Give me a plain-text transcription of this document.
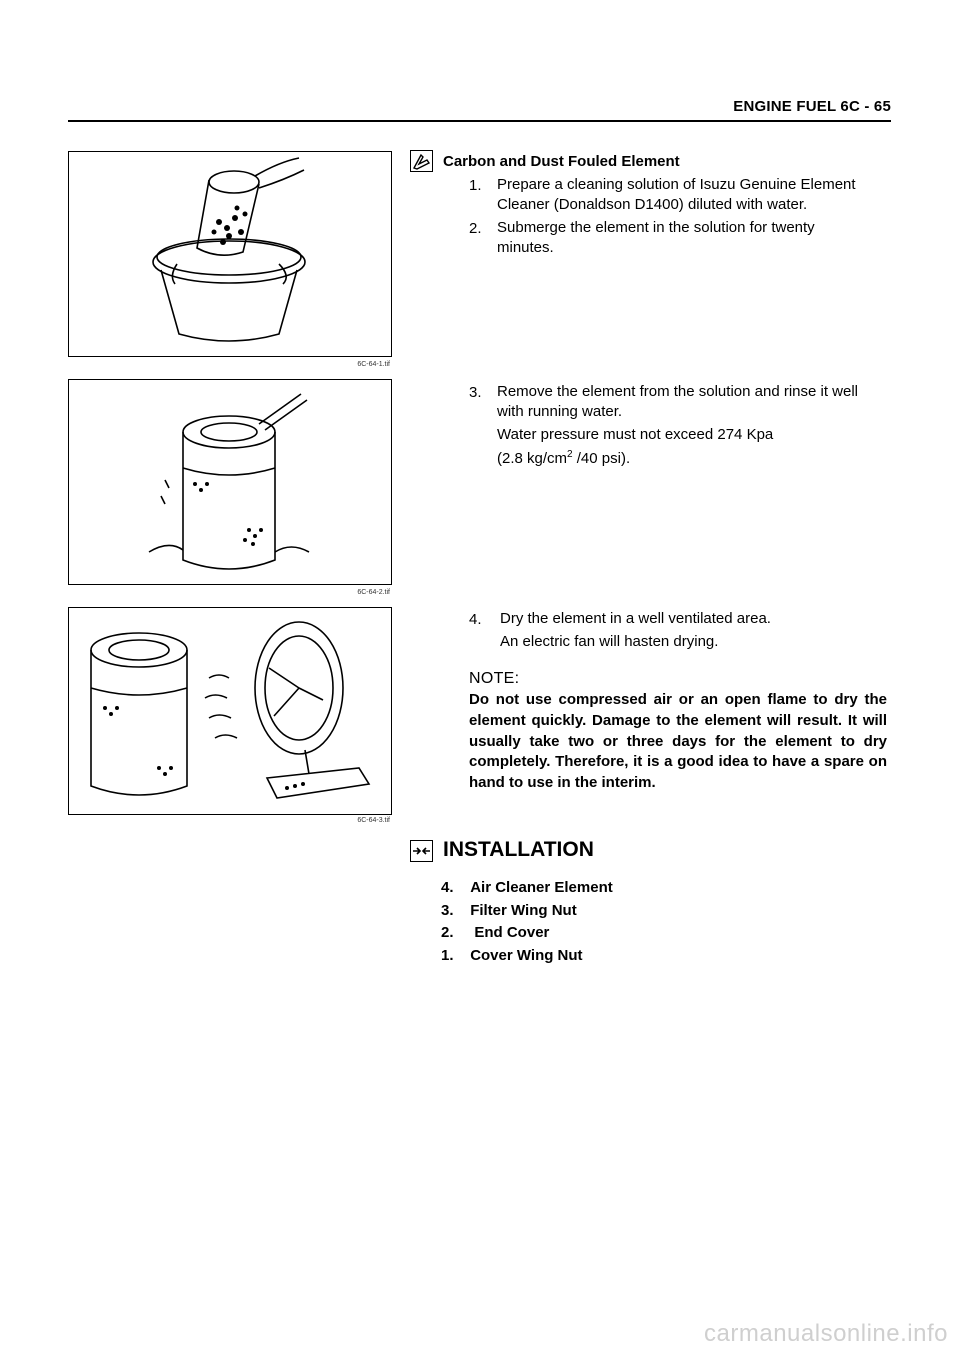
ENGINE FUEL 6C - 65
6C-64-1.tif
6C-64-2.tif
6C-64-3.tif
Carbon and Dust Fouled Element
1. Prepare a cleaning solution of Isuzu Genuine Element
Cleaner (Donaldson D1400) diluted with water.
2. Submerge the element in the solution for twenty
minutes.
3. Remove the element from the solution and rinse it well
with running water.
Water pressure must not exceed 274 Kpa
(2.8 $kg/cm^2$ /40 psi).
4. Dry the element in a well ventilated area.
An electric fan will hasten drying.
NOTE:
Do not use compressed air or an open flame to dry the element quickly. Damage to the element will result. It will usually take two or three days for the element to dry completely. Therefore, it is a good idea to have a spare on hand to use in the interim.
INSTALLATION
4. Air Cleaner Element
3. Filter Wing Nut
2.     End Cover
1. Cover Wing Nut
carmanualsonline.info
